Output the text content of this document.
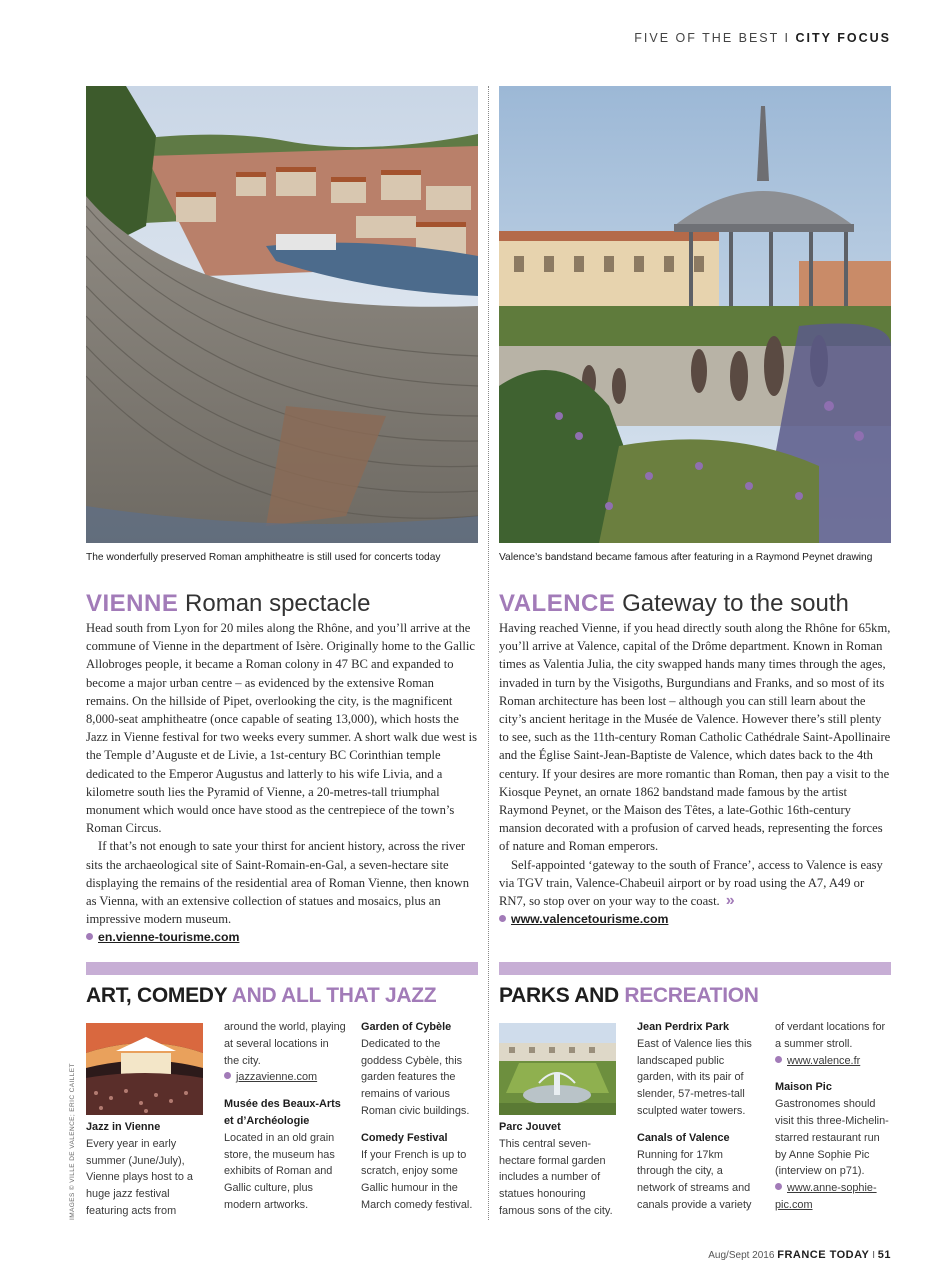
FIVE OF THE BEST I CITY FOCUS
The wonderfully preserved Roman amphitheatre is still used for concerts today	Valence’s bandstand became famous after featuring in a Raymond Peynet drawing
VIENNE Roman spectacle

Head south from Lyon for 20 miles along the Rhône, and you’ll arrive at the commune of Vienne in the department of Isère. Originally home to the Gallic Allobroges people, it became a Roman colony in 47 BC and expanded to become a major urban centre – as evidenced by the extensive Roman remains. On the hillside of Pipet, overlooking the city, is the magnificent 8,000-seat amphitheatre (once capable of seating 13,000), which hosts the Jazz in Vienne festival for two weeks every summer. A short walk due west is the Temple d’Auguste et de Livie, a 1st-century BC Corinthian temple dedicated to the Emperor Augustus and latterly to his wife Livia, and a kilometre south lies the Pyramid of Vienne, a 20-metres-tall triumphal monument which would once have stood as the centrepiece of the town’s Roman Circus.

If that’s not enough to sate your thirst for ancient history, across the river sits the archaeological site of Saint-Romain-en-Gal, a seven-hectare site displaying the remains of the residential area of Roman Vienne, then known as Vienna, with an extensive collection of statues and mosaics, plus an impressive modern museum.

en.vienne-tourisme.com
VALENCE Gateway to the south

Having reached Vienne, if you head directly south along the Rhône for 65km, you’ll arrive at Valence, capital of the Drôme department. Known in Roman times as Valentia Julia, the city swapped hands many times through the ages, invaded in turn by the Visigoths, Burgundians and Franks, and so most of its Roman architecture has been lost – although you can still learn about the city’s ancient heritage in the Musée de Valence. However there’s still plenty to see, such as the 11th-century Roman Catholic Cathédrale Saint-Apollinaire and the Église Saint-Jean-Baptiste de Valence, which dates back to the 4th century. If your desires are more romantic than Roman, then pay a visit to the Kiosque Peynet, an ornate 1862 bandstand made famous by the artist Raymond Peynet, or the Maison des Têtes, a late-Gothic 16th-century mansion decorated with a profusion of carved heads, representing the forces of nature and Roman emperors.

Self-appointed ‘gateway to the south of France’, access to Valence is easy via TGV train, Valence-Chabeuil airport or by road using the A7, A49 or RN7, so stop over on your way to the coast. »

www.valencetourisme.com
ART, COMEDY AND ALL THAT JAZZ	PARKS AND RECREATION
Jazz in Vienne
Every year in early summer (June/July), Vienne plays host to a huge jazz festival featuring acts from
around the world, playing at several locations in the city.
jazzavienne.com
Musée des Beaux-Arts et d’Archéologie
Located in an old grain store, the museum has exhibits of Roman and Gallic culture, plus modern artworks.
Garden of Cybèle
Dedicated to the goddess Cybèle, this garden features the remains of various Roman civic buildings.
Comedy Festival
If your French is up to scratch, enjoy some Gallic humour in the March comedy festival.
Parc Jouvet
This central seven-hectare formal garden includes a number of statues honouring famous sons of the city.
Jean Perdrix Park
East of Valence lies this landscaped public garden, with its pair of slender, 57-metres-tall sculpted water towers.
Canals of Valence
Running for 17km through the city, a network of streams and canals provide a variety
of verdant locations for a summer stroll.
www.valence.fr
Maison Pic
Gastronomes should visit this three-Michelin-starred restaurant run by Anne Sophie Pic (interview on p71).
www.anne-sophie-pic.com
IMAGES © VILLE DE VALENCE; ERIC CAILLET
Aug/Sept 2016 FRANCE TODAY I 51
